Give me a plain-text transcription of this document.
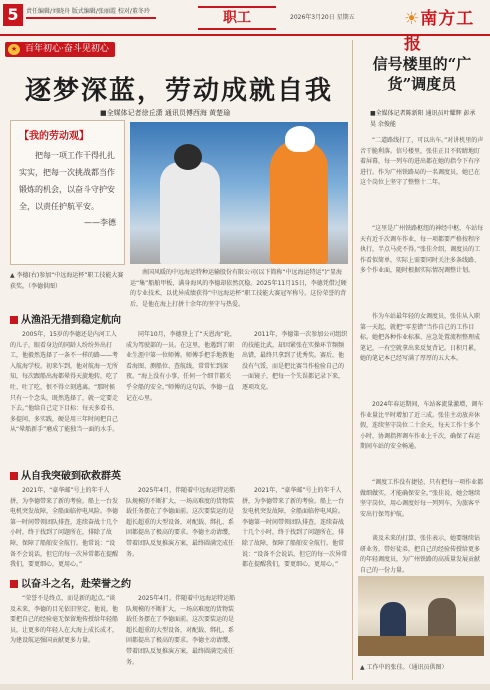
5	责任编辑/刘晓舟 版式编辑/张丽霞 校对/董冬玲	职工	2026年3月20日 星期五	☀南方工报
★ 百年初心·奋斗见初心
逐梦深蓝，劳动成就自我
■全媒体记者徐丘潇 通讯员傅西海 黄楚瑜
【我的劳动观】
把每一项工作干得扎扎实实，把每一次挑战都当作锻炼的机会，以奋斗守护安全，以责任护航平安。
——李德
▲ 李德(右)参加“中远海运杯”职工技能大赛获奖。（李德供图）
南国风暖的中远海运特种运输股份有限公司(以下简称“中远海运特运”)“显海运“集”船舶甲板，满身海风的李德却依然沉稳。2025年11月15日，李德凭借过硬的专业技术，以优异成绩获得“中远海运杯”职工技能大赛冠军称号。这份荣誉的背后，是他在海上打拼十余年的坚守与热爱。
从渔沿无措到稳定航向
2005年，15岁的李德还是内河工人的儿子，眼看身边的同龄人纷纷外出打工，他毅然选择了一条不一样的路——考入航海学校。初来乍到，他对航海一无所知，每次跟船出海都晕得天旋地转，吃了吐、吐了吃，恨不得立刻逃离。“那时候只有一个念头，既然选择了，就一定要走下去。”他给自己定下目标：每天多看书、多提问、多实践，硬是用三年时间把自己从“晕船新手”磨成了能独当一面的水手。
同年10月，李德登上了“天恩海”轮，成为驾驶部的一员。在这里，他遇到了职业生涯中第一位师傅。师傅手把手地教他看海图、测船位、查航线，常常忙到深夜。“海上没有小事，任何一个细节都关乎全船的安全。”师傅的这句话，李德一直记在心里。
2011年，李德第一次参加公司组织的技能比武，却因紧张在实操环节频频出错，最终只拿到了优秀奖。赛后，他没有气馁，而是把比赛当作检验自己的一面镜子，把每一个失误都记录下来，逐项攻克。
从自我突破到砍救群英
2021年，“豪华邮”号上的年千人拼，为李德带来了新的考验。船上一台发电机突发故障，全船面临停电风险。李德第一时间带领团队排查，连续奋战十几个小时，终于找到了问题所在，排除了故障，保障了船舶安全航行。他常说：“设备不会说话，但它的每一次异常都在提醒我们，要更细心，更用心。”
2025年4月，伴随着中远海运特运船队规模的不断扩大，一场高难度的货物装载任务摆在了李德面前。这次要装运的是超长超重的大型设备，对配载、绑扎、系固都提出了极高的要求。李德主动请缨，带着团队反复推演方案，最终圆满完成任务。
以奋斗之名，赴荣誉之约
“荣誉不是终点，而是新的起点。”谈及未来，李德的目光依旧坚定。他说，他要把自己的经验毫无保留地传授给年轻船员，让更多的年轻人在大海上成长成才，为建设航运强国贡献更多力量。
2025年4月，伴随着中远海运特运船队规模的不断扩大，一场高难度的货物装载任务摆在了李德面前。这次要装运的是超长超重的大型设备，对配载、绑扎、系固都提出了极高的要求。李德主动请缨，带着团队反复推演方案，最终圆满完成任务。
2021年，“豪华邮”号上的年千人拼，为李德带来了新的考验。船上一台发电机突发故障，全船面临停电风险。李德第一时间带领团队排查，连续奋战十几个小时，终于找到了问题所在，排除了故障，保障了船舶安全航行。他常说：“设备不会说话，但它的每一次异常都在提醒我们，要更细心，更用心。”
信号楼里的“广货”调度员
■全媒体记者陈新阳 通讯员叶耀辉 彭承昊 余俊能
“二道路线打了，可以出车。”对讲机里的声音干脆利落。信号楼里，张佳正目不转睛地盯着屏幕，每一列车的进出都在她的指令下有序进行。作为广州铁路局的一名调度员，她已在这个岗位上坚守了整整十二年。
“这里是广州铁路枢纽的神经中枢，车站每天有近千次调车作业，每一项都要严格按程序执行，半点马虎不得。”张佳介绍，调度员的工作看似简单，实际上需要同时关注多条线路、多个作业面，随时根据实际情况调整计划。
作为车站最年轻的女调度员，张佳从入职第一天起，就把“零差错”当作自己的工作目标。她把各种作业标准、应急处置流程整理成笔记，一有空就拿出来反复背记。日积月累，她的笔记本已经写满了厚厚的五大本。
2024年春运期间，车站客流量激增，调车作业量比平时增加了近三成。张佳主动放弃休假，连续坚守岗位二十余天，每天工作十多个小时，协调指挥调车作业上千次，确保了春运期间车站的安全畅通。
“调度工作没有捷径，只有把每一项作业都做细做实，才能确保安全。”张佳说，她会继续坚守岗位，用心调度好每一列列车，为旅客平安出行保驾护航。
谈及未来的打算，张佳表示，她要继续钻研业务，带好徒弟，把自己的经验传授给更多的年轻调度员，为广州铁路的高质量发展贡献自己的一份力量。
▲ 工作中的张佳。（通讯员供图）
